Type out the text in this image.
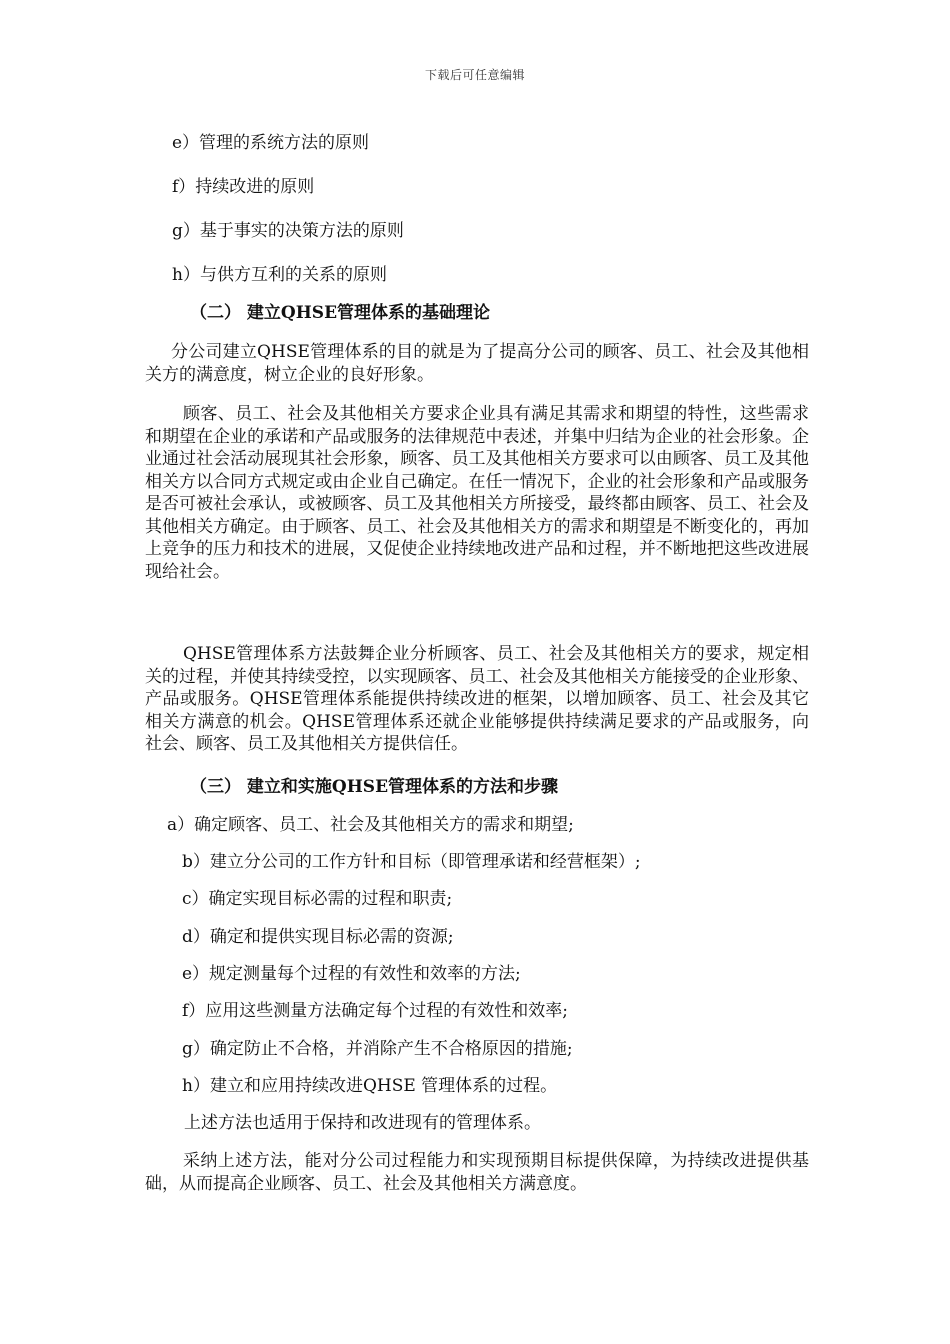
下载后可任意编辑
e）管理的系统方法的原则
f）持续改进的原则
g）基于事实的决策方法的原则
h）与供方互利的关系的原则
（二） 建立QHSE管理体系的基础理论

分公司建立QHSE管理体系的目的就是为了提高分公司的顾客、员工、社会及其他相关方的满意度，树立企业的良好形象。

顾客、员工、社会及其他相关方要求企业具有满足其需求和期望的特性，这些需求和期望在企业的承诺和产品或服务的法律规范中表述，并集中归结为企业的社会形象。企业通过社会活动展现其社会形象，顾客、员工及其他相关方要求可以由顾客、员工及其他相关方以合同方式规定或由企业自己确定。在任一情况下，企业的社会形象和产品或服务是否可被社会承认，或被顾客、员工及其他相关方所接受，最终都由顾客、员工、社会及其他相关方确定。由于顾客、员工、社会及其他相关方的需求和期望是不断变化的，再加上竞争的压力和技术的进展，又促使企业持续地改进产品和过程，并不断地把这些改进展现给社会。

QHSE管理体系方法鼓舞企业分析顾客、员工、社会及其他相关方的要求，规定相关的过程，并使其持续受控，以实现顾客、员工、社会及其他相关方能接受的企业形象、产品或服务。QHSE管理体系能提供持续改进的框架，以增加顾客、员工、社会及其它相关方满意的机会。QHSE管理体系还就企业能够提供持续满足要求的产品或服务，向社会、顾客、员工及其他相关方提供信任。

（三） 建立和实施QHSE管理体系的方法和步骤
a）确定顾客、员工、社会及其他相关方的需求和期望;
b）建立分公司的工作方针和目标（即管理承诺和经营框架）;
c）确定实现目标必需的过程和职责;
d）确定和提供实现目标必需的资源;
e）规定测量每个过程的有效性和效率的方法;
f）应用这些测量方法确定每个过程的有效性和效率;
g）确定防止不合格，并消除产生不合格原因的措施;
h）建立和应用持续改进QHSE 管理体系的过程。
上述方法也适用于保持和改进现有的管理体系。

采纳上述方法，能对分公司过程能力和实现预期目标提供保障，为持续改进提供基础，从而提高企业顾客、员工、社会及其他相关方满意度。
